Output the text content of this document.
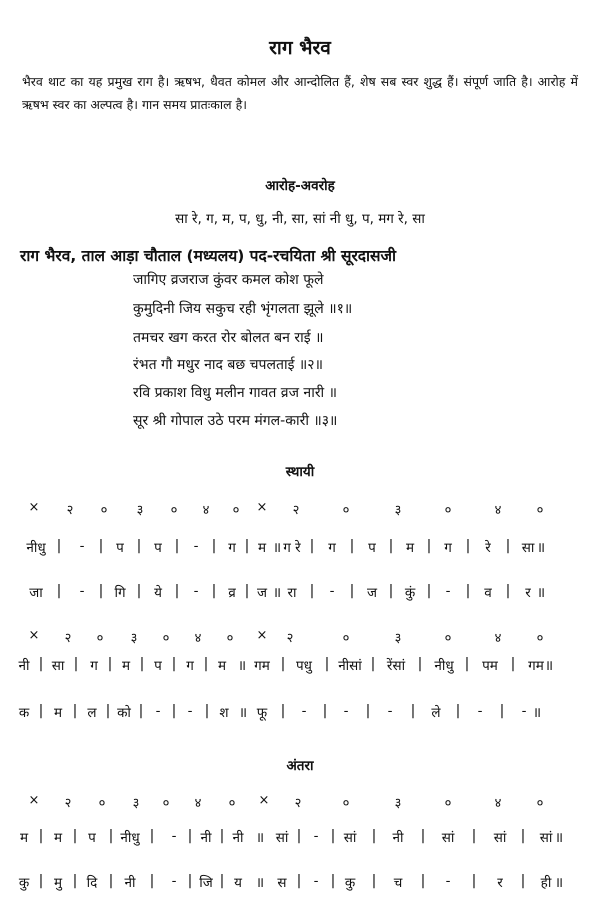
राग भैरव
भैरव थाट का यह प्रमुख राग है। ऋषभ, धैवत कोमल और आन्दोलित हैं, शेष सब स्वर शुद्ध हैं। संपूर्ण जाति है। आरोह में ऋषभ स्वर का अल्पत्व है। गान समय प्रातःकाल है।
आरोह-अवरोह
सा रे, ग, म, प, धु, नी, सा, सां नी धु, प, मग रे, सा
राग भैरव, ताल आड़ा चौताल (मध्यलय) पद-रचयिता श्री सूरदासजी
जागिए व्रजराज कुंवर कमल कोश फूले
कुमुदिनी जिय सकुच रही भृंगलता झूले ॥१॥
तमचर खग करत रोर बोलत बन राई ॥
रंभत गौ मधुर नाद बछ चपलताई ॥२॥
रवि प्रकाश विधु मलीन गावत व्रज नारी ॥
सूर श्री गोपाल उठे परम मंगल-कारी ॥३॥
स्थायी
अंतरा
× २ ० ३ ० ४ ० × २	०	३	०	४	०
नीधु | - | प | प | - | ग | म ॥ ग रे | ग | प | म | ग | रे | सा ॥
जा | - | गि | ये | - | व्र | ज ॥ रा | - | ज | कुं | - | व | र ॥
× २ ० ३ ० ४ ० × २	०	३	०	४	०
नी | सा | ग | म | प | ग | म ॥ गम | पधु | नीसां | रेंसां | नीधु | पम | गम ॥
क | म | ल | को | - | - | श ॥ फू | - | - | - | ले | - | - ॥
× २ ० ३ ० ४ ० × २	०	३	०	४	०
म | म | प | नीधु | - | नी | नी ॥ सां | - | सां | नी | सां | सां | सां ॥
कु | मु | दि | नी | - | जि | य ॥ स | - | कु | च | - | र | ही ॥
